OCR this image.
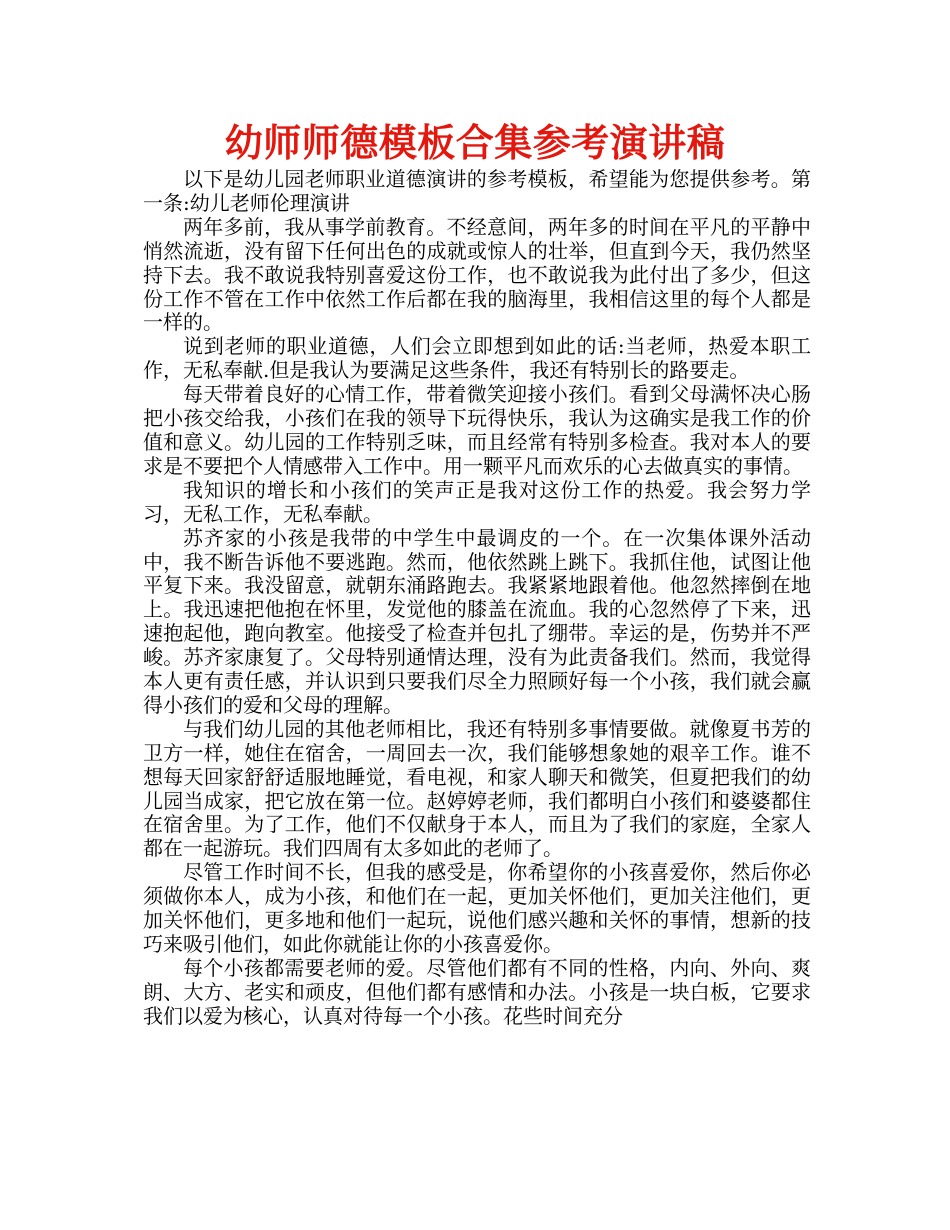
幼师师德模板合集参考演讲稿

以下是幼儿园老师职业道德演讲的参考模板，希望能为您提供参考。第一条:幼儿老师伦理演讲

两年多前，我从事学前教育。不经意间，两年多的时间在平凡的平静中悄然流逝，没有留下任何出色的成就或惊人的壮举，但直到今天，我仍然坚持下去。我不敢说我特别喜爱这份工作，也不敢说我为此付出了多少，但这份工作不管在工作中依然工作后都在我的脑海里，我相信这里的每个人都是一样的。

说到老师的职业道德，人们会立即想到如此的话:当老师，热爱本职工作，无私奉献.但是我认为要满足这些条件，我还有特别长的路要走。

每天带着良好的心情工作，带着微笑迎接小孩们。看到父母满怀决心肠把小孩交给我，小孩们在我的领导下玩得快乐，我认为这确实是我工作的价值和意义。幼儿园的工作特别乏味，而且经常有特别多检查。我对本人的要求是不要把个人情感带入工作中。用一颗平凡而欢乐的心去做真实的事情。

我知识的增长和小孩们的笑声正是我对这份工作的热爱。我会努力学习，无私工作，无私奉献。

苏齐家的小孩是我带的中学生中最调皮的一个。在一次集体课外活动中，我不断告诉他不要逃跑。然而，他依然跳上跳下。我抓住他，试图让他平复下来。我没留意，就朝东涌路跑去。我紧紧地跟着他。他忽然摔倒在地上。我迅速把他抱在怀里，发觉他的膝盖在流血。我的心忽然停了下来，迅速抱起他，跑向教室。他接受了检查并包扎了绷带。幸运的是，伤势并不严峻。苏齐家康复了。父母特别通情达理，没有为此责备我们。然而，我觉得本人更有责任感，并认识到只要我们尽全力照顾好每一个小孩，我们就会赢得小孩们的爱和父母的理解。

与我们幼儿园的其他老师相比，我还有特别多事情要做。就像夏书芳的卫方一样，她住在宿舍，一周回去一次，我们能够想象她的艰辛工作。谁不想每天回家舒舒适服地睡觉，看电视，和家人聊天和微笑，但夏把我们的幼儿园当成家，把它放在第一位。赵婷婷老师，我们都明白小孩们和婆婆都住在宿舍里。为了工作，他们不仅献身于本人，而且为了我们的家庭，全家人都在一起游玩。我们四周有太多如此的老师了。

尽管工作时间不长，但我的感受是，你希望你的小孩喜爱你，然后你必须做你本人，成为小孩，和他们在一起，更加关怀他们，更加关注他们，更加关怀他们，更多地和他们一起玩，说他们感兴趣和关怀的事情，想新的技巧来吸引他们，如此你就能让你的小孩喜爱你。

每个小孩都需要老师的爱。尽管他们都有不同的性格，内向、外向、爽朗、大方、老实和顽皮，但他们都有感情和办法。小孩是一块白板，它要求我们以爱为核心，认真对待每一个小孩。花些时间充分
